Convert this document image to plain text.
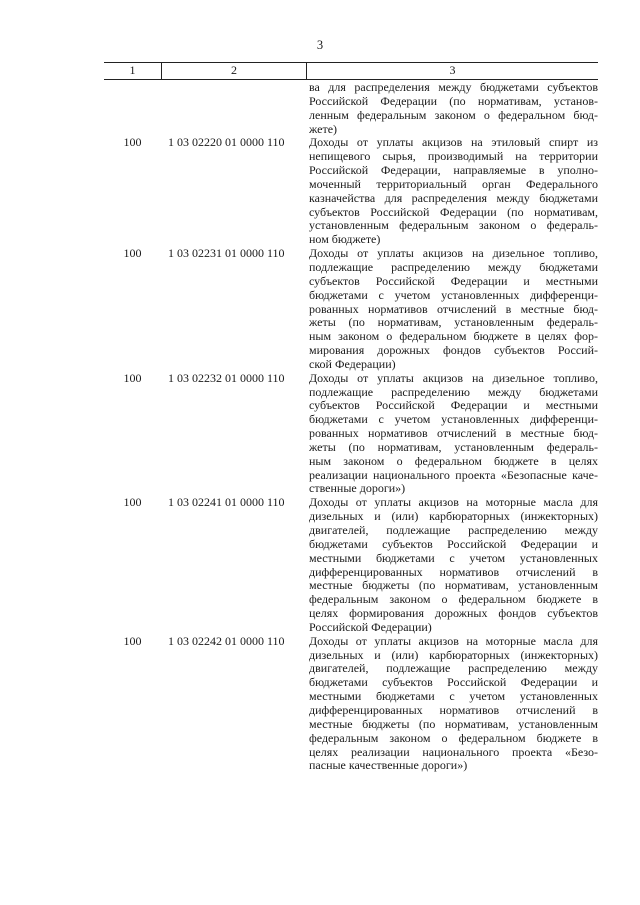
3
1	2	3
ва для распределения между бюджетами субъектов
Российской Федерации (по нормативам, установ-
ленным федеральным законом о федеральном бюд-
жете)
100	1 03 02220 01 0000 110	Доходы от уплаты акцизов на этиловый спирт из
непищевого сырья, производимый на территории
Российской Федерации, направляемые в уполно-
моченный территориальный орган Федерального
казначейства для распределения между бюджетами
субъектов Российской Федерации (по нормативам,
установленным федеральным законом о федераль-
ном бюджете)
100	1 03 02231 01 0000 110	Доходы от уплаты акцизов на дизельное топливо,
подлежащие распределению между бюджетами
субъектов Российской Федерации и местными
бюджетами с учетом установленных дифференци-
рованных нормативов отчислений в местные бюд-
жеты (по нормативам, установленным федераль-
ным законом о федеральном бюджете в целях фор-
мирования дорожных фондов субъектов Россий-
ской Федерации)
100	1 03 02232 01 0000 110	Доходы от уплаты акцизов на дизельное топливо,
подлежащие распределению между бюджетами
субъектов Российской Федерации и местными
бюджетами с учетом установленных дифференци-
рованных нормативов отчислений в местные бюд-
жеты (по нормативам, установленным федераль-
ным законом о федеральном бюджете в целях
реализации национального проекта «Безопасные каче-
ственные дороги»)
100	1 03 02241 01 0000 110	Доходы от уплаты акцизов на моторные масла для
дизельных и (или) карбюраторных (инжекторных)
двигателей, подлежащие распределению между
бюджетами субъектов Российской Федерации и
местными бюджетами с учетом установленных
дифференцированных нормативов отчислений в
местные бюджеты (по нормативам, установленным
федеральным законом о федеральном бюджете в
целях формирования дорожных фондов субъектов
Российской Федерации)
100	1 03 02242 01 0000 110	Доходы от уплаты акцизов на моторные масла для
дизельных и (или) карбюраторных (инжекторных)
двигателей, подлежащие распределению между
бюджетами субъектов Российской Федерации и
местными бюджетами с учетом установленных
дифференцированных нормативов отчислений в
местные бюджеты (по нормативам, установленным
федеральным законом о федеральном бюджете в
целях реализации национального проекта «Безо-
пасные качественные дороги»)
